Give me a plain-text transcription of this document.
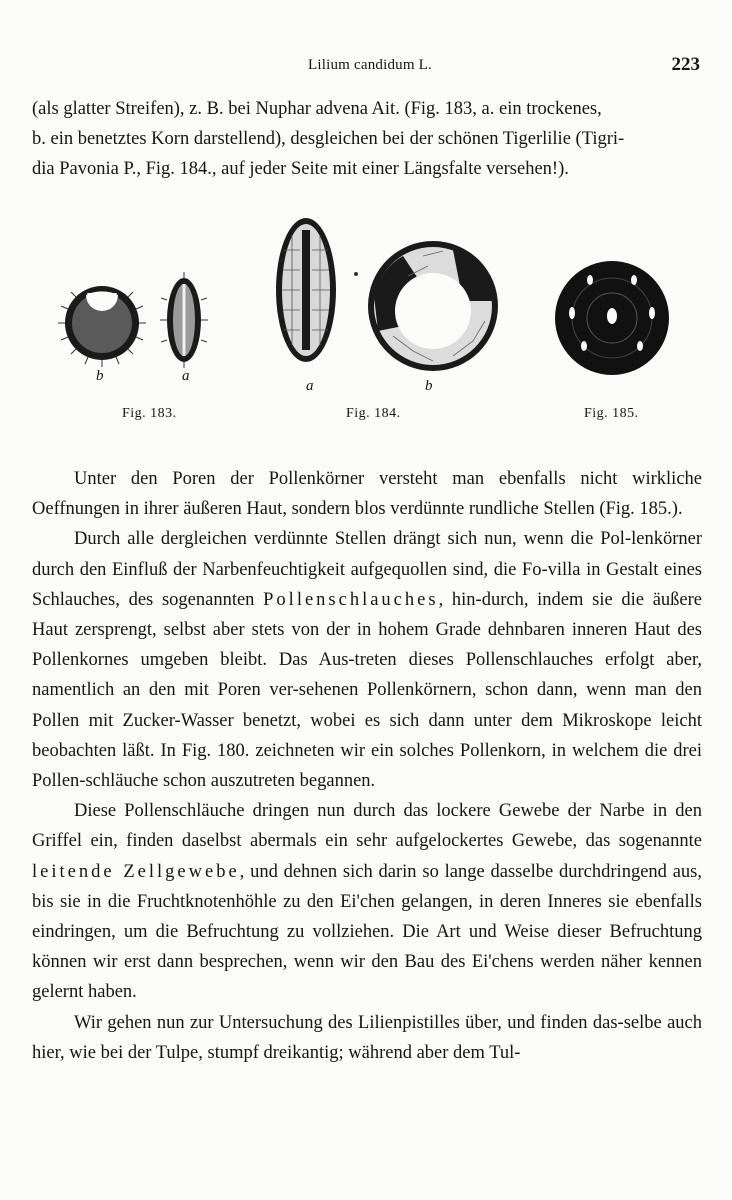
Lilium candidum L.	223

(als glatter Streifen), z. B. bei Nuphar advena Ait. (Fig. 183, a. ein trockenes,

b. ein benetztes Korn darstellend), desgleichen bei der schönen Tigerlilie (Tigri-

dia Pavonia P., Fig. 184., auf jeder Seite mit einer Längsfalte versehen!).

b	a
a	b
Fig. 183.	Fig. 184.	Fig. 185.

Unter den Poren der Pollenkörner versteht man ebenfalls nicht wirkliche Oeffnungen in ihrer äußeren Haut, sondern blos verdünnte rundliche Stellen (Fig. 185.).

Durch alle dergleichen verdünnte Stellen drängt sich nun, wenn die Pol-lenkörner durch den Einfluß der Narbenfeuchtigkeit aufgequollen sind, die Fo-villa in Gestalt eines Schlauches, des sogenannten Pollenschlauches, hin-durch, indem sie die äußere Haut zersprengt, selbst aber stets von der in hohem Grade dehnbaren inneren Haut des Pollenkornes umgeben bleibt. Das Aus-treten dieses Pollenschlauches erfolgt aber, namentlich an den mit Poren ver-sehenen Pollenkörnern, schon dann, wenn man den Pollen mit Zucker-Wasser benetzt, wobei es sich dann unter dem Mikroskope leicht beobachten läßt. In Fig. 180. zeichneten wir ein solches Pollenkorn, in welchem die drei Pollen-schläuche schon auszutreten begannen.

Diese Pollenschläuche dringen nun durch das lockere Gewebe der Narbe in den Griffel ein, finden daselbst abermals ein sehr aufgelockertes Gewebe, das sogenannte leitende Zellgewebe, und dehnen sich darin so lange dasselbe durchdringend aus, bis sie in die Fruchtknotenhöhle zu den Ei'chen gelangen, in deren Inneres sie ebenfalls eindringen, um die Befruchtung zu vollziehen. Die Art und Weise dieser Befruchtung können wir erst dann besprechen, wenn wir den Bau des Ei'chens werden näher kennen gelernt haben.

Wir gehen nun zur Untersuchung des Lilienpistilles über, und finden das-selbe auch hier, wie bei der Tulpe, stumpf dreikantig; während aber dem Tul-
